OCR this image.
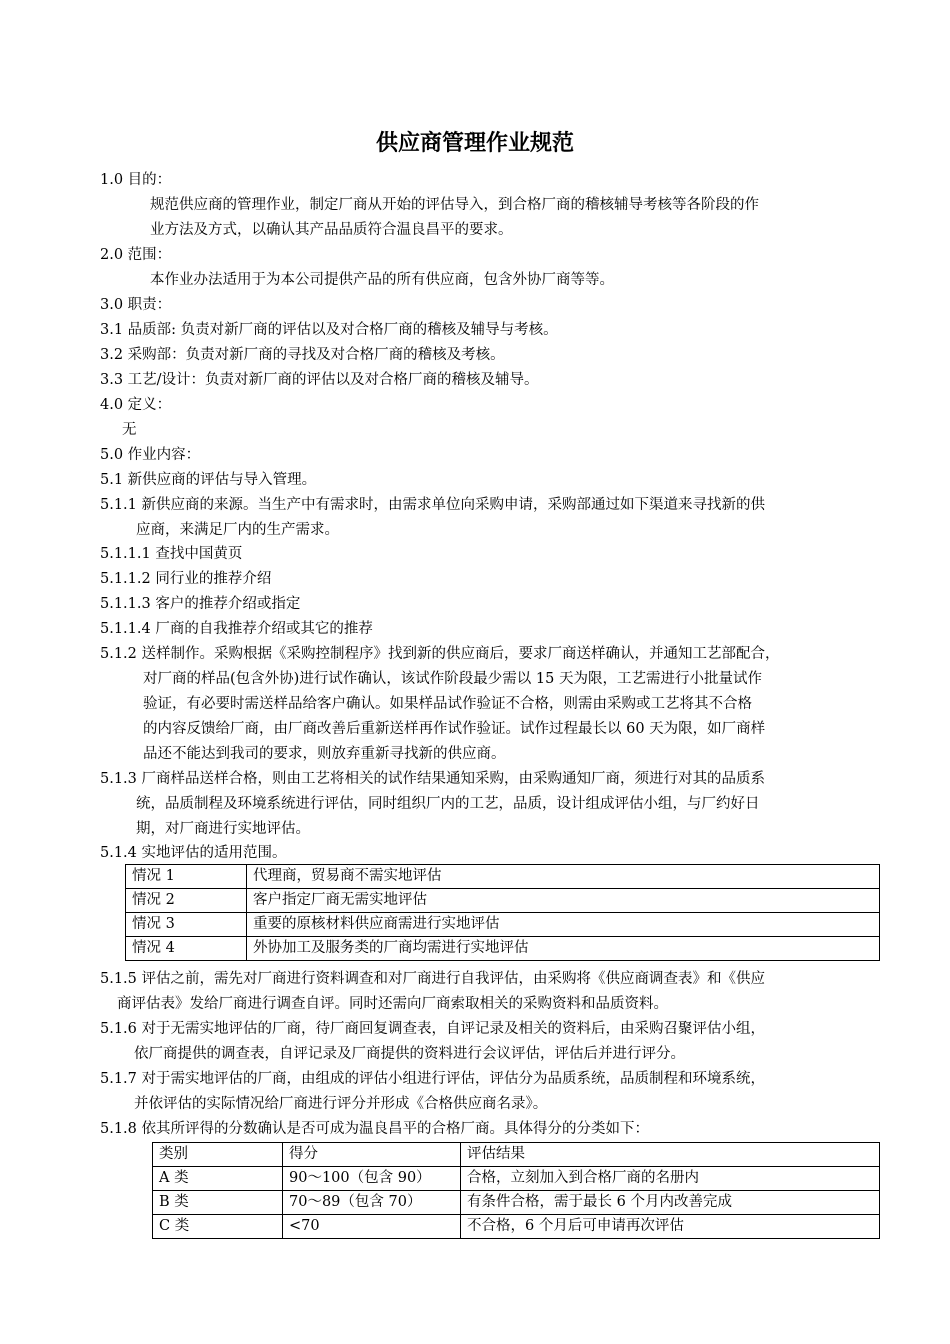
供应商管理作业规范
1.0 目的：
规范供应商的管理作业，制定厂商从开始的评估导入，到合格厂商的稽核辅导考核等各阶段的作
业方法及方式，以确认其产品品质符合温良昌平的要求。
2.0 范围：
本作业办法适用于为本公司提供产品的所有供应商，包含外协厂商等等。
3.0 职责：
3.1 品质部: 负责对新厂商的评估以及对合格厂商的稽核及辅导与考核。
3.2 采购部：负责对新厂商的寻找及对合格厂商的稽核及考核。
3.3 工艺/设计：负责对新厂商的评估以及对合格厂商的稽核及辅导。
4.0 定义：
无
5.0 作业内容：
5.1 新供应商的评估与导入管理。
5.1.1 新供应商的来源。当生产中有需求时，由需求单位向采购申请，采购部通过如下渠道来寻找新的供
应商，来满足厂内的生产需求。
5.1.1.1 查找中国黄页
5.1.1.2 同行业的推荐介绍
5.1.1.3 客户的推荐介绍或指定
5.1.1.4 厂商的自我推荐介绍或其它的推荐
5.1.2 送样制作。采购根据《采购控制程序》找到新的供应商后，要求厂商送样确认，并通知工艺部配合，
对厂商的样品(包含外协)进行试作确认，该试作阶段最少需以 15 天为限，工艺需进行小批量试作
验证，有必要时需送样品给客户确认。如果样品试作验证不合格，则需由采购或工艺将其不合格
的内容反馈给厂商，由厂商改善后重新送样再作试作验证。试作过程最长以 60 天为限，如厂商样
品还不能达到我司的要求，则放弃重新寻找新的供应商。
5.1.3 厂商样品送样合格，则由工艺将相关的试作结果通知采购，由采购通知厂商，须进行对其的品质系
统，品质制程及环境系统进行评估，同时组织厂内的工艺，品质，设计组成评估小组，与厂约好日
期，对厂商进行实地评估。
5.1.4 实地评估的适用范围。
情况 1	代理商，贸易商不需实地评估
情况 2	客户指定厂商无需实地评估
情况 3	重要的原核材料供应商需进行实地评估
情况 4	外协加工及服务类的厂商均需进行实地评估
5.1.5 评估之前，需先对厂商进行资料调查和对厂商进行自我评估，由采购将《供应商调查表》和《供应
商评估表》发给厂商进行调查自评。同时还需向厂商索取相关的采购资料和品质资料。
5.1.6 对于无需实地评估的厂商，待厂商回复调查表，自评记录及相关的资料后，由采购召聚评估小组，
依厂商提供的调查表，自评记录及厂商提供的资料进行会议评估，评估后并进行评分。
5.1.7 对于需实地评估的厂商，由组成的评估小组进行评估，评估分为品质系统，品质制程和环境系统，
并依评估的实际情况给厂商进行评分并形成《合格供应商名录》。
5.1.8 依其所评得的分数确认是否可成为温良昌平的合格厂商。具体得分的分类如下：
类别	得分	评估结果
A 类	90～100（包含 90）	合格，立刻加入到合格厂商的名册内
B 类	70～89（包含 70）	有条件合格，需于最长 6 个月内改善完成
C 类	<70	不合格，6 个月后可申请再次评估
